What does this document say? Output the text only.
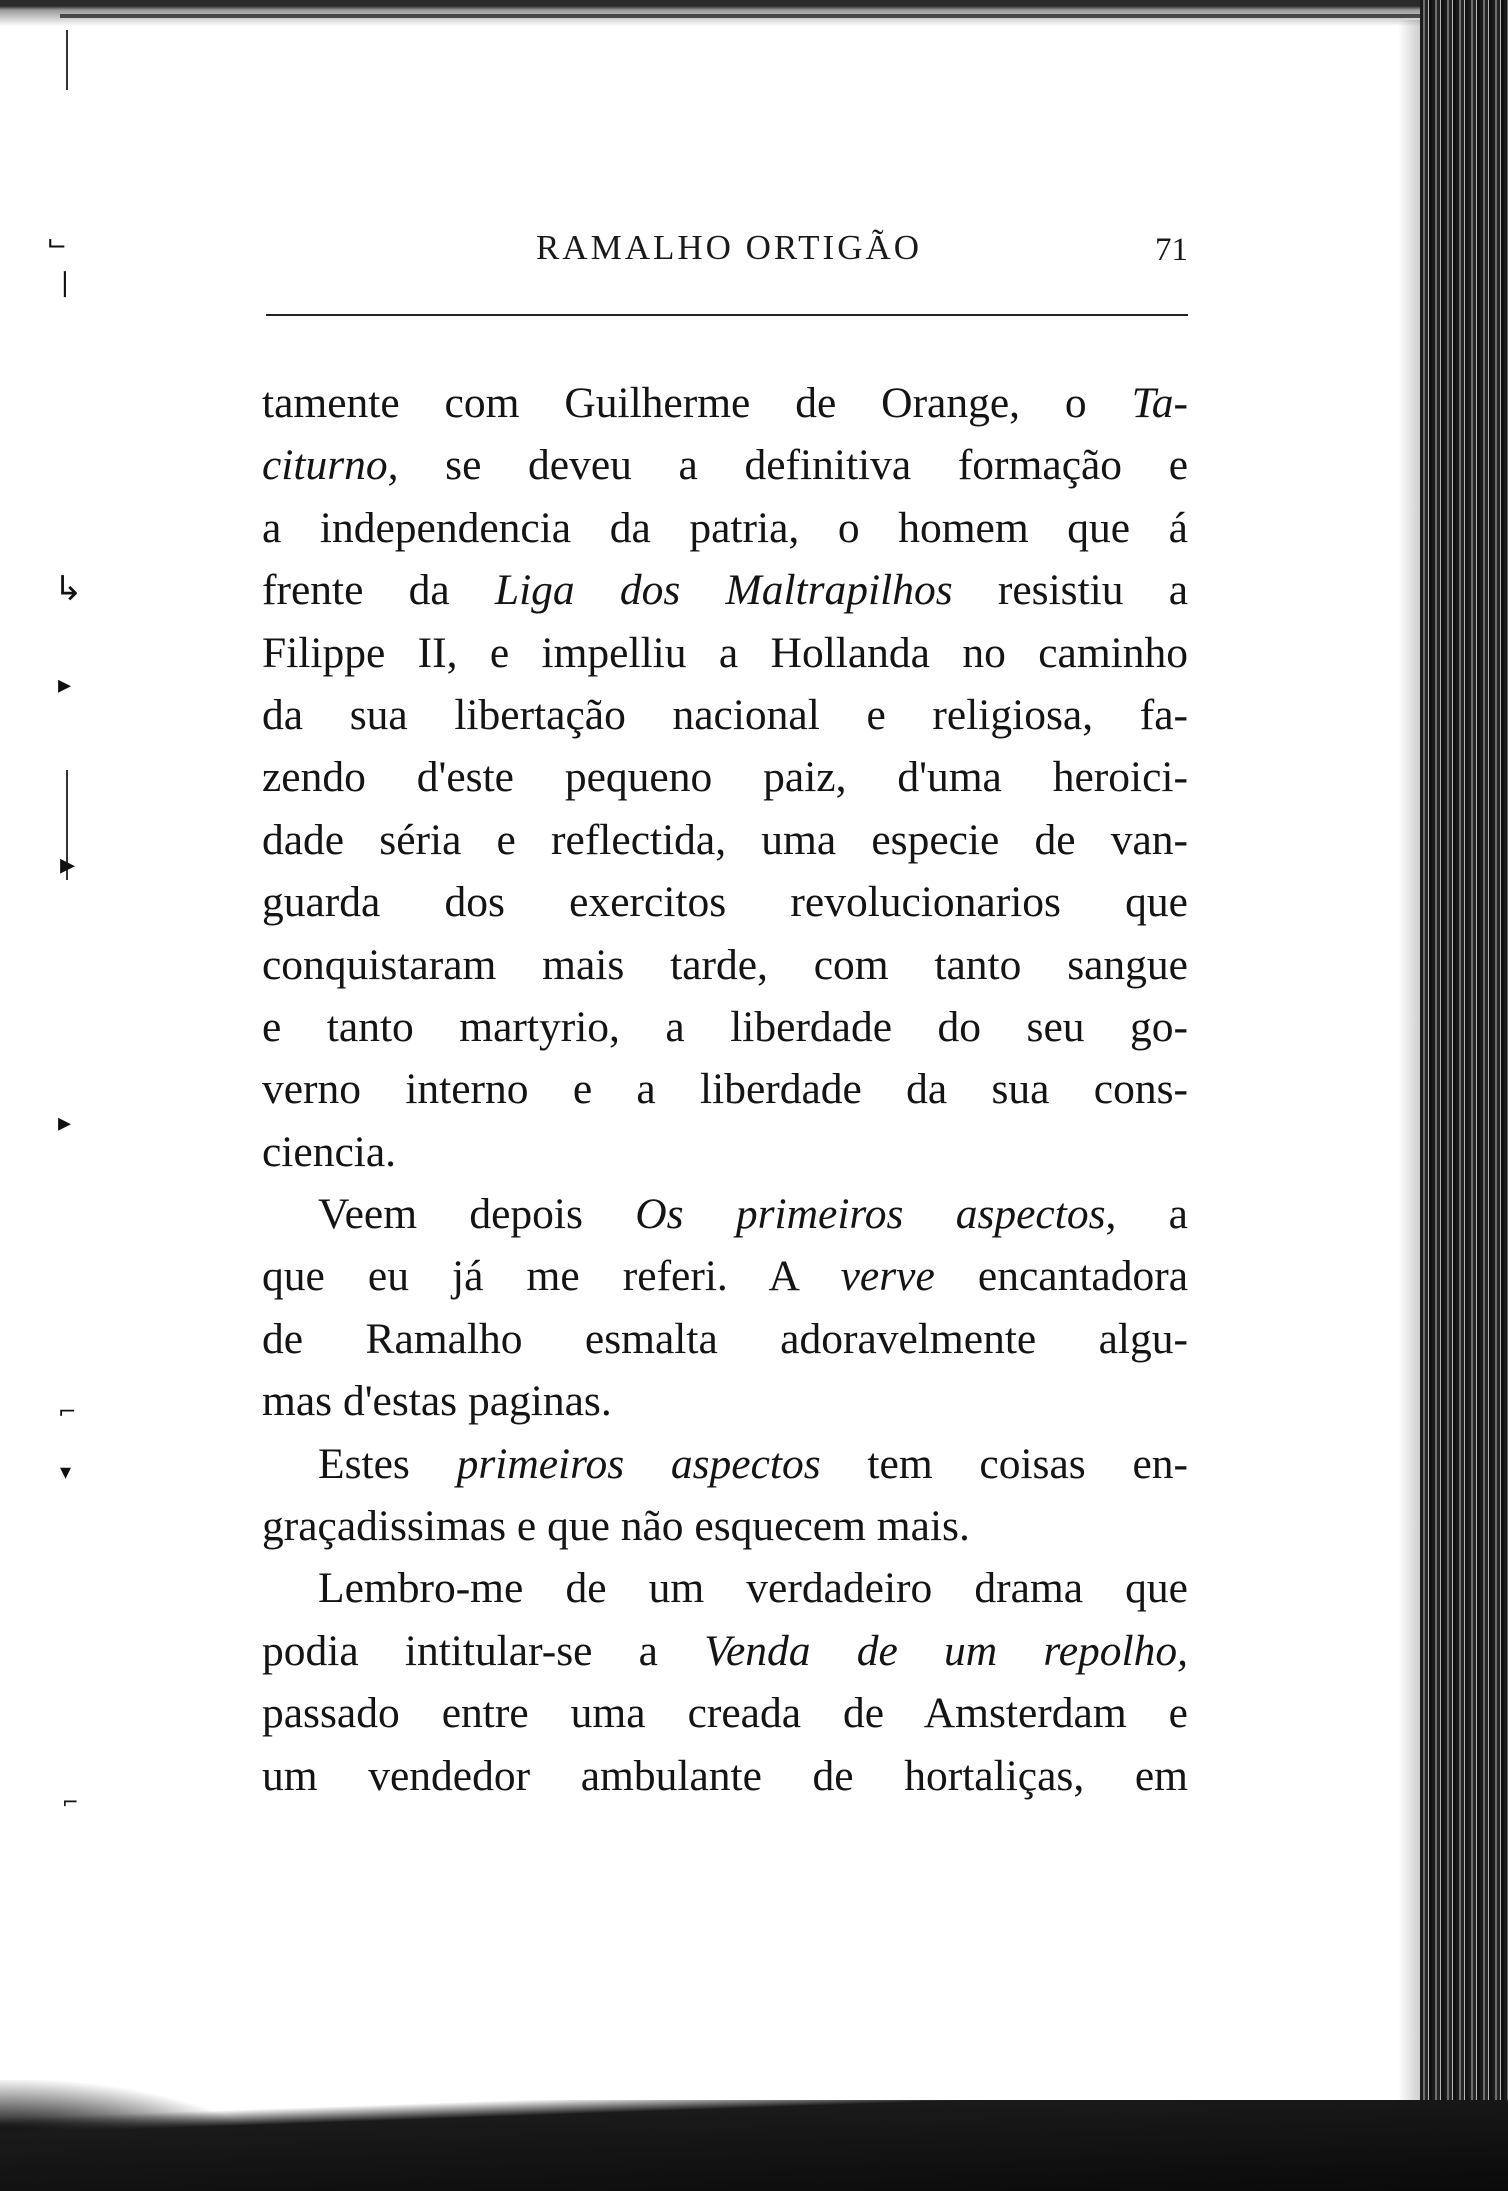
⨽
❘
↳
▸
▸
▸
⌐
▾
⌐
RAMALHO ORTIGÃO	71
tamente com Guilherme de Orange, o Ta-
citurno, se deveu a definitiva formação e
a independencia da patria, o homem que á
frente da Liga dos Maltrapilhos resistiu a
Filippe II, e impelliu a Hollanda no caminho
da sua libertação nacional e religiosa, fa-
zendo d'este pequeno paiz, d'uma heroici-
dade séria e reflectida, uma especie de van-
guarda dos exercitos revolucionarios que
conquistaram mais tarde, com tanto sangue
e tanto martyrio, a liberdade do seu go-
verno interno e a liberdade da sua cons-
ciencia.
Veem depois Os primeiros aspectos, a
que eu já me referi. A verve encantadora
de Ramalho esmalta adoravelmente algu-
mas d'estas paginas.
Estes primeiros aspectos tem coisas en-
graçadissimas e que não esquecem mais.
Lembro-me de um verdadeiro drama que
podia intitular-se a Venda de um repolho,
passado entre uma creada de Amsterdam e
um vendedor ambulante de hortaliças, em
